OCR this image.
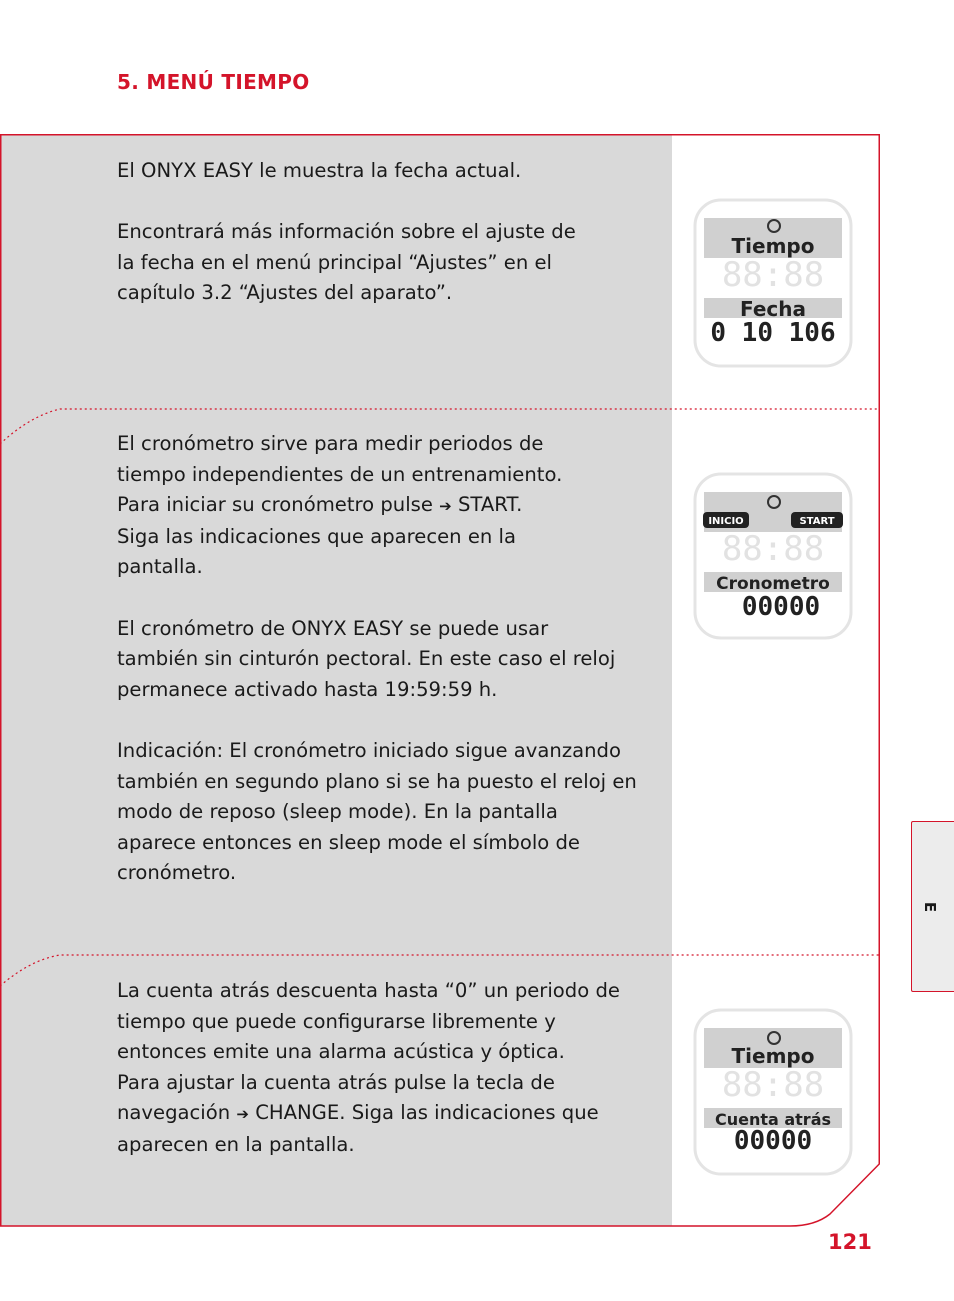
5. MENÚ TIEMPO

El ONYX EASY le muestra la fecha actual.

Encontrará más información sobre el ajuste de la fecha en el menú principal “Ajustes” en el capítulo 3.2 “Ajustes del aparato”.

Tiempo
88:88
Fecha
0 10 106

El cronómetro sirve para medir periodos de tiempo independientes de un entrenamiento.

Para iniciar su cronómetro pulse ➔ START.

Siga las indicaciones que aparecen en la pantalla.

El cronómetro de ONYX EASY se puede usar también sin cinturón pectoral. En este caso el reloj permanece activado hasta 19:59:59 h.

Indicación: El cronómetro iniciado sigue avanzando también en segundo plano si se ha puesto el reloj en modo de reposo (sleep mode). En la pantalla aparece entonces en sleep mode el símbolo de cronómetro.

INICIO	START
88:88
Cronometro
00000

La cuenta atrás descuenta hasta “0” un periodo de tiempo que puede configurarse libremente y entonces emite una alarma acústica y óptica.

Para ajustar la cuenta atrás pulse la tecla de navegación ➔ CHANGE. Siga las indicaciones que aparecen en la pantalla.

Tiempo
88:88
Cuenta atrás
00000
E
121
